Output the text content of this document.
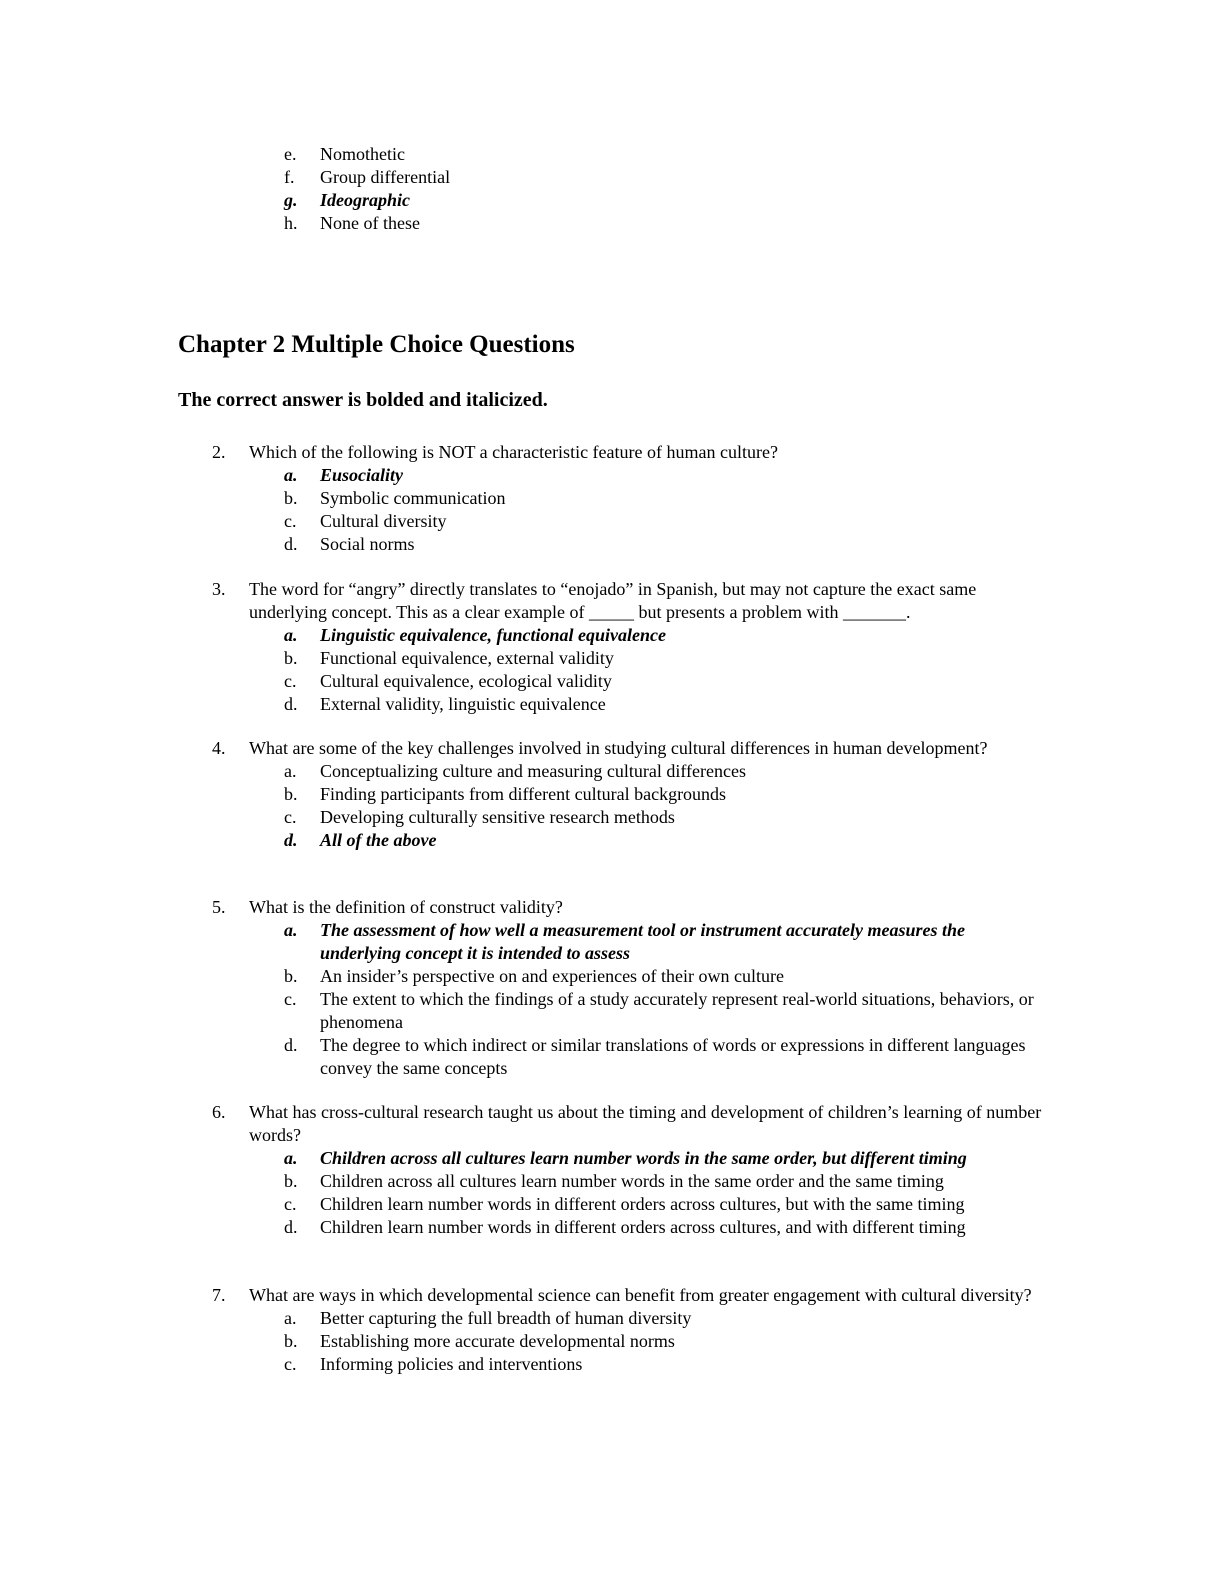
e.	Nomothetic
f.	Group differential
g.	Ideographic
h.	None of these
Chapter 2 Multiple Choice Questions
The correct answer is bolded and italicized.
2.	Which of the following is NOT a characteristic feature of human culture?
a.	Eusociality
b.	Symbolic communication
c.	Cultural diversity
d.	Social norms
3.	The word for “angry” directly translates to “enojado” in Spanish, but may not capture the exact same underlying concept. This as a clear example of _____ but presents a problem with _______.
a.	Linguistic equivalence, functional equivalence
b.	Functional equivalence, external validity
c.	Cultural equivalence, ecological validity
d.	External validity, linguistic equivalence
4.	What are some of the key challenges involved in studying cultural differences in human development?
a.	Conceptualizing culture and measuring cultural differences
b.	Finding participants from different cultural backgrounds
c.	Developing culturally sensitive research methods
d.	All of the above
5.	What is the definition of construct validity?
a.	The assessment of how well a measurement tool or instrument accurately measures the underlying concept it is intended to assess
b.	An insider’s perspective on and experiences of their own culture
c.	The extent to which the findings of a study accurately represent real-world situations, behaviors, or phenomena
d.	The degree to which indirect or similar translations of words or expressions in different languages convey the same concepts
6.	What has cross-cultural research taught us about the timing and development of children’s learning of number words?
a.	Children across all cultures learn number words in the same order, but different timing
b.	Children across all cultures learn number words in the same order and the same timing
c.	Children learn number words in different orders across cultures, but with the same timing
d.	Children learn number words in different orders across cultures, and with different timing
7.	What are ways in which developmental science can benefit from greater engagement with cultural diversity?
a.	Better capturing the full breadth of human diversity
b.	Establishing more accurate developmental norms
c.	Informing policies and interventions
